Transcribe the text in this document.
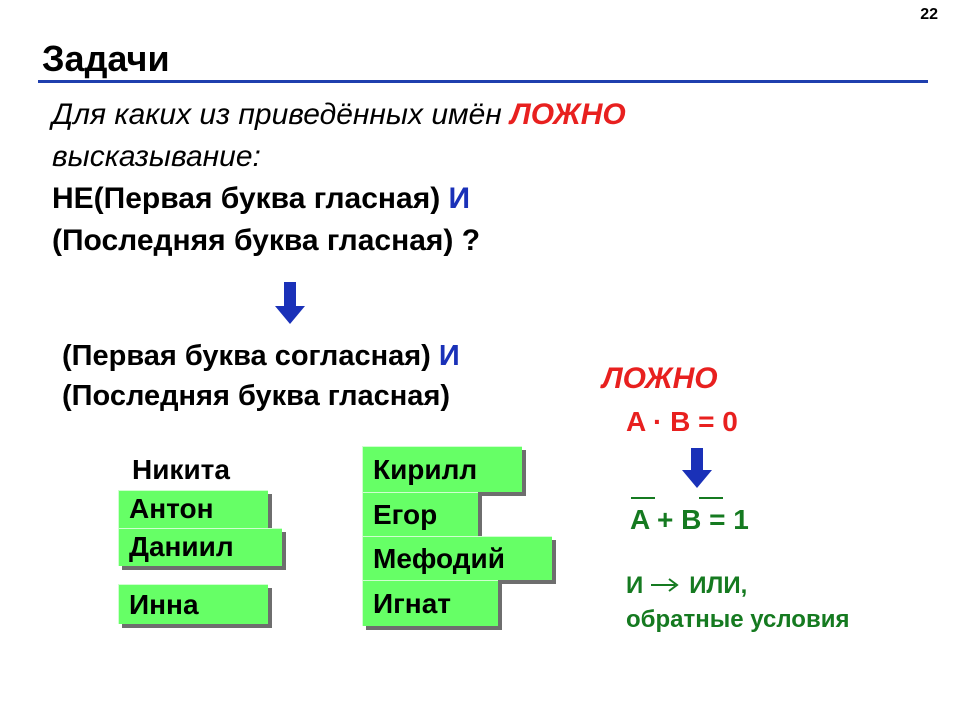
22
Задачи
Для каких из приведённых имён ЛОЖНО
высказывание:
НЕ(Первая буква гласная) И
(Последняя буква гласная) ?
(Первая буква согласная) И
(Последняя буква гласная)
Никита
Антон
Даниил
Инна
Кирилл
Егор
Мефодий
Игнат
ЛОЖНО
A · B = 0
A + B = 1
И ИЛИ,
обратные условия
